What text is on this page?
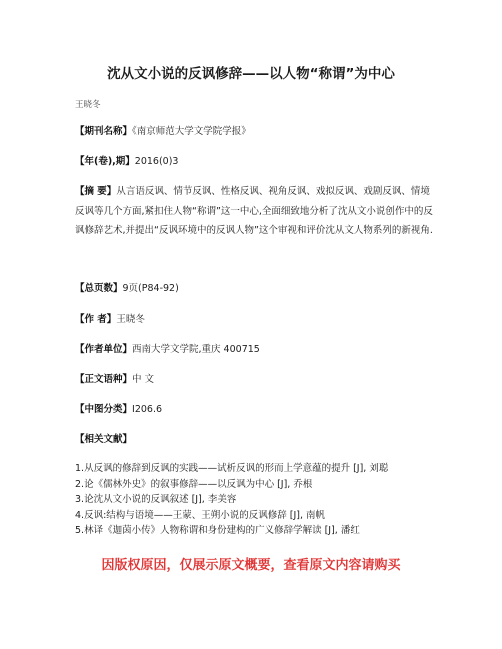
沈从文小说的反讽修辞——以人物“称谓”为中心
王晓冬
【期刊名称】《南京师范大学文学院学报》
【年(卷),期】2016(0)3
【摘 要】从言语反讽、情节反讽、性格反讽、视角反讽、戏拟反讽、戏剧反讽、情境反讽等几个方面,紧扣住人物“称谓”这一中心,全面细致地分析了沈从文小说创作中的反讽修辞艺术,并提出“反讽环境中的反讽人物”这个审视和评价沈从文人物系列的新视角.
【总页数】9页(P84-92)
【作 者】王晓冬
【作者单位】西南大学文学院,重庆 400715
【正文语种】中 文
【中图分类】I206.6
【相关文献】
1.从反讽的修辞到反讽的实践——试析反讽的形而上学意蕴的提升 [J], 刘聪
2.论《儒林外史》的叙事修辞——以反讽为中心 [J], 乔根
3.论沈从文小说的反讽叙述 [J], 李美容
4.反讽:结构与语境——王蒙、王朔小说的反讽修辞 [J], 南帆
5.林译《迦茵小传》人物称谓和身份建构的广义修辞学解读 [J], 潘红
因版权原因，仅展示原文概要，查看原文内容请购买
